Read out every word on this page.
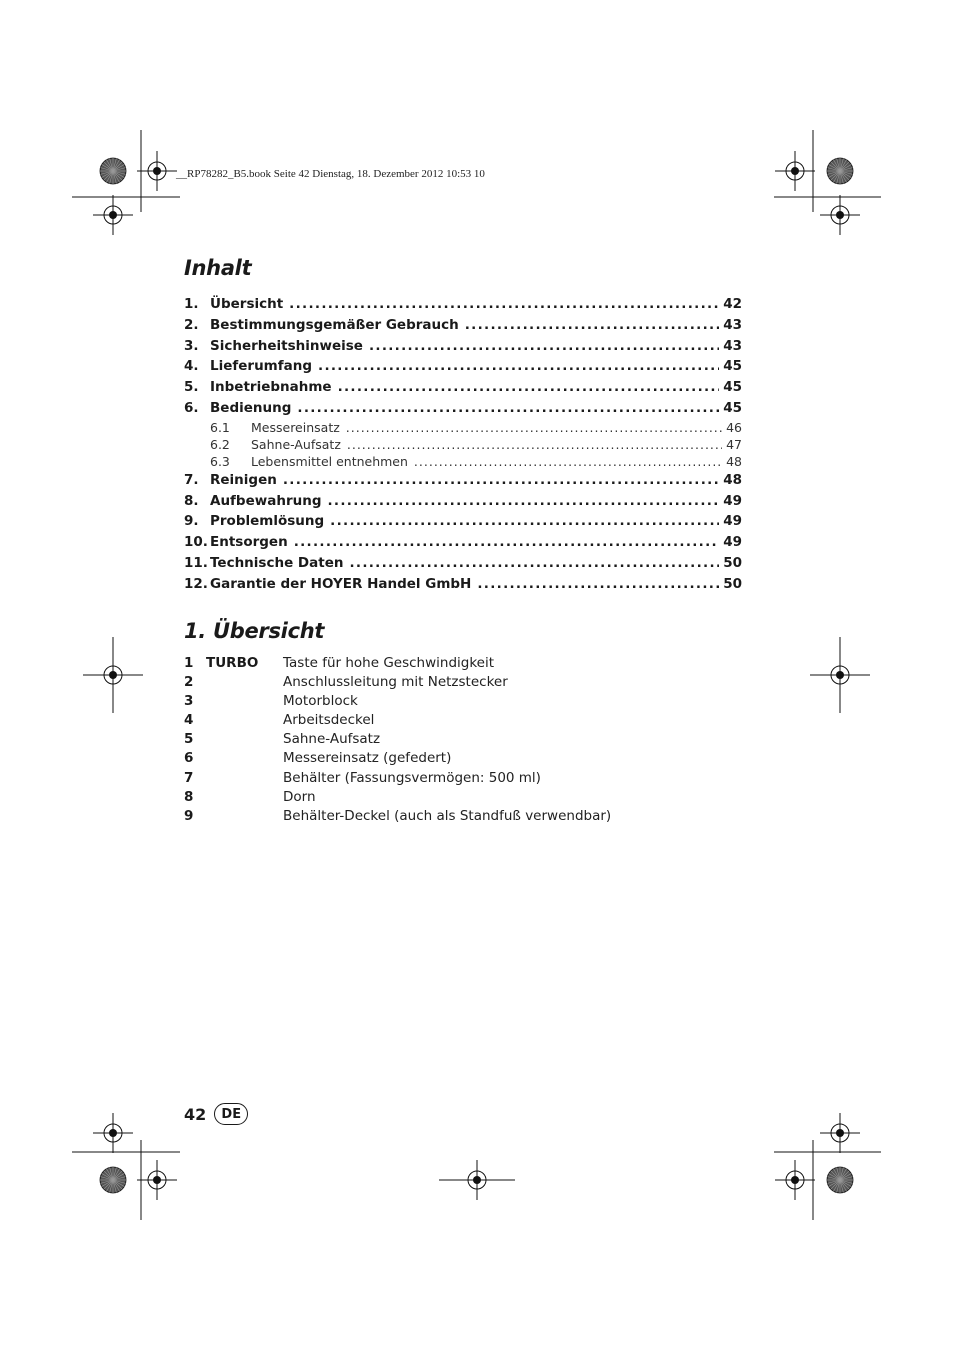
__RP78282_B5.book Seite 42 Dienstag, 18. Dezember 2012 10:53 10
Inhalt
1. Übersicht .....	42
2. Bestimmungsgemäßer Gebrauch .....	43
3. Sicherheitshinweise .....	43
4. Lieferumfang .....	45
5. Inbetriebnahme .....	45
6. Bedienung .....	45
6.1	Messereinsatz .....	46
6.2	Sahne-Aufsatz .....	47
6.3	Lebensmittel entnehmen .....	48
7. Reinigen .....	48
8. Aufbewahrung .....	49
9. Problemlösung .....	49
10. Entsorgen .....	49
11. Technische Daten .....	50
12. Garantie der HOYER Handel GmbH .....	50
1. Übersicht
1 TURBO	Taste für hohe Geschwindigkeit
2	Anschlussleitung mit Netzstecker
3	Motorblock
4	Arbeitsdeckel
5	Sahne-Aufsatz
6	Messereinsatz (gefedert)
7	Behälter (Fassungsvermögen: 500 ml)
8	Dorn
9	Behälter-Deckel (auch als Standfuß verwendbar)
42	DE
